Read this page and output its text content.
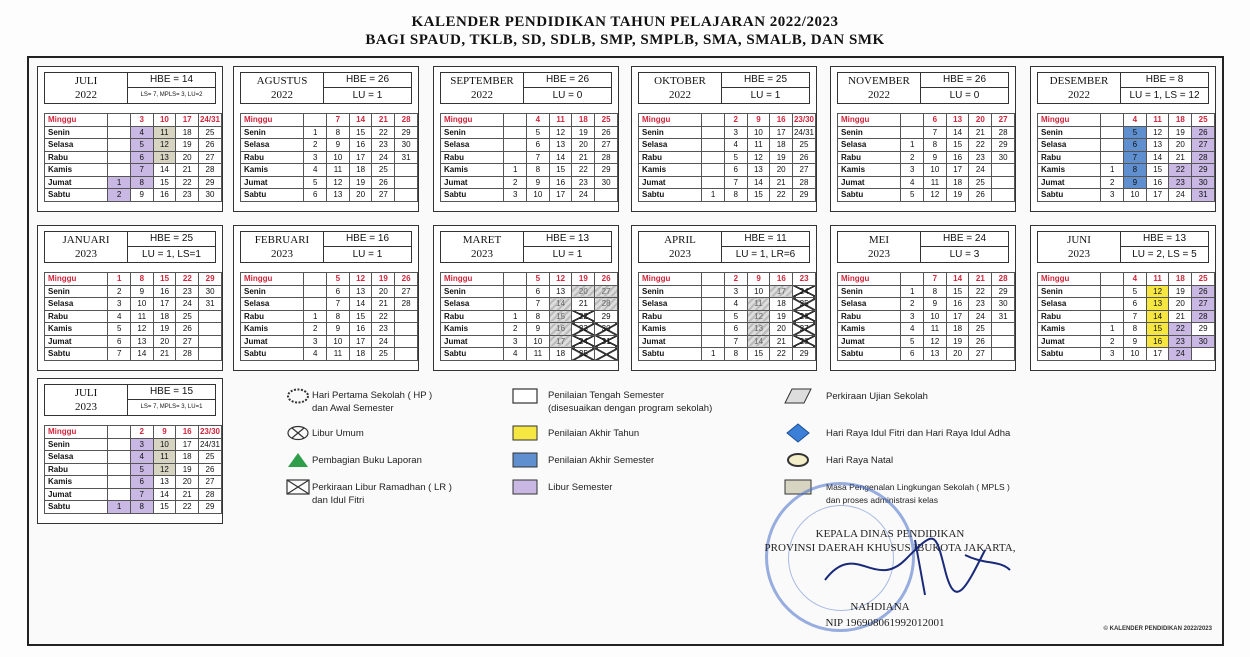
KALENDER PENDIDIKAN TAHUN PELAJARAN 2022/2023
BAGI SPAUD, TKLB, SD, SDLB, SMP, SMPLB, SMA, SMALB, DAN SMK
JULI
2022
HBE = 14
LS= 7, MPLS= 3, LU=2
Minggu		3	10	17	24/31
Senin		4	11	18	25
Selasa		5	12	19	26
Rabu		6	13	20	27
Kamis		7	14	21	28
Jumat	1	8	15	22	29
Sabtu	2	9	16	23	30
AGUSTUS
2022
HBE = 26
LU = 1
Minggu		7	14	21	28
Senin	1	8	15	22	29
Selasa	2	9	16	23	30
Rabu	3	10	17	24	31
Kamis	4	11	18	25	
Jumat	5	12	19	26	
Sabtu	6	13	20	27	
SEPTEMBER
2022
HBE = 26
LU = 0
Minggu		4	11	18	25
Senin		5	12	19	26
Selasa		6	13	20	27
Rabu		7	14	21	28
Kamis	1	8	15	22	29
Jumat	2	9	16	23	30
Sabtu	3	10	17	24	
OKTOBER
2022
HBE = 25
LU = 1
Minggu		2	9	16	23/30
Senin		3	10	17	24/31
Selasa		4	11	18	25
Rabu		5	12	19	26
Kamis		6	13	20	27
Jumat		7	14	21	28
Sabtu	1	8	15	22	29
NOVEMBER
2022
HBE = 26
LU = 0
Minggu		6	13	20	27
Senin		7	14	21	28
Selasa	1	8	15	22	29
Rabu	2	9	16	23	30
Kamis	3	10	17	24	
Jumat	4	11	18	25	
Sabtu	5	12	19	26	
DESEMBER
2022
HBE = 8
LU = 1, LS = 12
Minggu		4	11	18	25
Senin		5	12	19	26
Selasa		6	13	20	27
Rabu		7	14	21	28
Kamis	1	8	15	22	29
Jumat	2	9	16	23	30
Sabtu	3	10	17	24	31
JANUARI
2023
HBE = 25
LU = 1, LS=1
Minggu	1	8	15	22	29
Senin	2	9	16	23	30
Selasa	3	10	17	24	31
Rabu	4	11	18	25	
Kamis	5	12	19	26	
Jumat	6	13	20	27	
Sabtu	7	14	21	28	
FEBRUARI
2023
HBE = 16
LU = 1
Minggu		5	12	19	26
Senin		6	13	20	27
Selasa		7	14	21	28
Rabu	1	8	15	22	
Kamis	2	9	16	23	
Jumat	3	10	17	24	
Sabtu	4	11	18	25	
MARET
2023
HBE = 13
LU = 1
Minggu		5	12	19	26
Senin		6	13	20	27
Selasa		7	14	21	28
Rabu	1	8	15	22	29
Kamis	2	9	16	23	30
Jumat	3	10	17	24	31
Sabtu	4	11	18	25	
APRIL
2023
HBE = 11
LU = 1, LR=6
Minggu		2	9	16	23
Senin		3	10	17	24
Selasa		4	11	18	25
Rabu		5	12	19	26
Kamis		6	13	20	27
Jumat		7	14	21	28
Sabtu	1	8	15	22	29
MEI
2023
HBE = 24
LU = 3
Minggu		7	14	21	28
Senin	1	8	15	22	29
Selasa	2	9	16	23	30
Rabu	3	10	17	24	31
Kamis	4	11	18	25	
Jumat	5	12	19	26	
Sabtu	6	13	20	27	
JUNI
2023
HBE = 13
LU = 2, LS = 5
Minggu		4	11	18	25
Senin		5	12	19	26
Selasa		6	13	20	27
Rabu		7	14	21	28
Kamis	1	8	15	22	29
Jumat	2	9	16	23	30
Sabtu	3	10	17	24	
JULI
2023
HBE = 15
LS= 7, MPLS= 3, LU=1
Minggu		2	9	16	23/30
Senin		3	10	17	24/31
Selasa		4	11	18	25
Rabu		5	12	19	26
Kamis		6	13	20	27
Jumat		7	14	21	28
Sabtu	1	8	15	22	29
Hari Pertama Sekolah ( HP )
dan Awal Semester
Libur Umum
Pembagian Buku Laporan
Perkiraan Libur Ramadhan ( LR )
dan Idul Fitri
Penilaian Tengah Semester
(disesuaikan dengan program sekolah)
Penilaian Akhir Tahun
Penilaian Akhir Semester
Libur Semester
Perkiraan Ujian Sekolah
Hari Raya Idul Fitri dan Hari Raya Idul Adha
Hari Raya Natal
Masa Pengenalan Lingkungan Sekolah ( MPLS )
dan proses administrasi kelas
KEPALA DINAS PENDIDIKAN
PROVINSI DAERAH KHUSUS IBUKOTA JAKARTA,
NAHDIANA
NIP 196908061992012001	© KALENDER PENDIDIKAN 2022/2023
